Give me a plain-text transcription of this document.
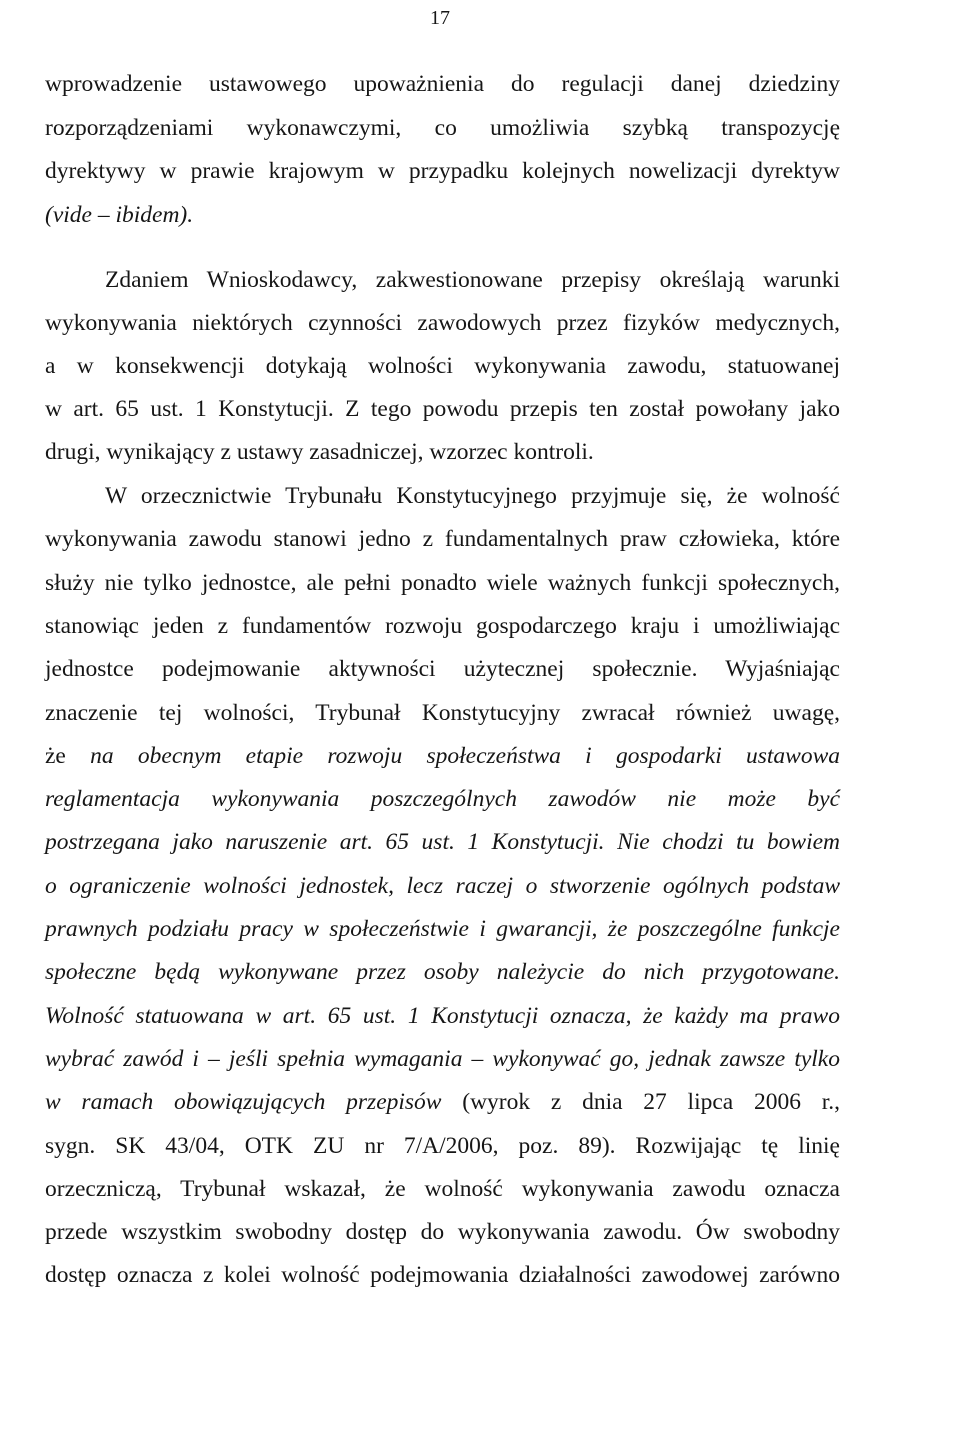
17
wprowadzenie ustawowego upoważnienia do regulacji danej dziedziny
rozporządzeniami wykonawczymi, co umożliwia szybką transpozycję
dyrektywy w prawie krajowym w przypadku kolejnych nowelizacji dyrektyw
(vide – ibidem).
Zdaniem Wnioskodawcy, zakwestionowane przepisy określają warunki
wykonywania niektórych czynności zawodowych przez fizyków medycznych,
a w konsekwencji dotykają wolności wykonywania zawodu, statuowanej
w art. 65 ust. 1 Konstytucji. Z tego powodu przepis ten został powołany jako
drugi, wynikający z ustawy zasadniczej, wzorzec kontroli.
W orzecznictwie Trybunału Konstytucyjnego przyjmuje się, że wolność
wykonywania zawodu stanowi jedno z fundamentalnych praw człowieka, które
służy nie tylko jednostce, ale pełni ponadto wiele ważnych funkcji społecznych,
stanowiąc jeden z fundamentów rozwoju gospodarczego kraju i umożliwiając
jednostce podejmowanie aktywności użytecznej społecznie. Wyjaśniając
znaczenie tej wolności, Trybunał Konstytucyjny zwracał również uwagę,
że na obecnym etapie rozwoju społeczeństwa i gospodarki ustawowa
reglamentacja wykonywania poszczególnych zawodów nie może być
postrzegana jako naruszenie art. 65 ust. 1 Konstytucji. Nie chodzi tu bowiem
o ograniczenie wolności jednostek, lecz raczej o stworzenie ogólnych podstaw
prawnych podziału pracy w społeczeństwie i gwarancji, że poszczególne funkcje
społeczne będą wykonywane przez osoby należycie do nich przygotowane.
Wolność statuowana w art. 65 ust. 1 Konstytucji oznacza, że każdy ma prawo
wybrać zawód i – jeśli spełnia wymagania – wykonywać go, jednak zawsze tylko
w ramach obowiązujących przepisów (wyrok z dnia 27 lipca 2006 r.,
sygn. SK 43/04, OTK ZU nr 7/A/2006, poz. 89). Rozwijając tę linię
orzeczniczą, Trybunał wskazał, że wolność wykonywania zawodu oznacza
przede wszystkim swobodny dostęp do wykonywania zawodu. Ów swobodny
dostęp oznacza z kolei wolność podejmowania działalności zawodowej zarówno
